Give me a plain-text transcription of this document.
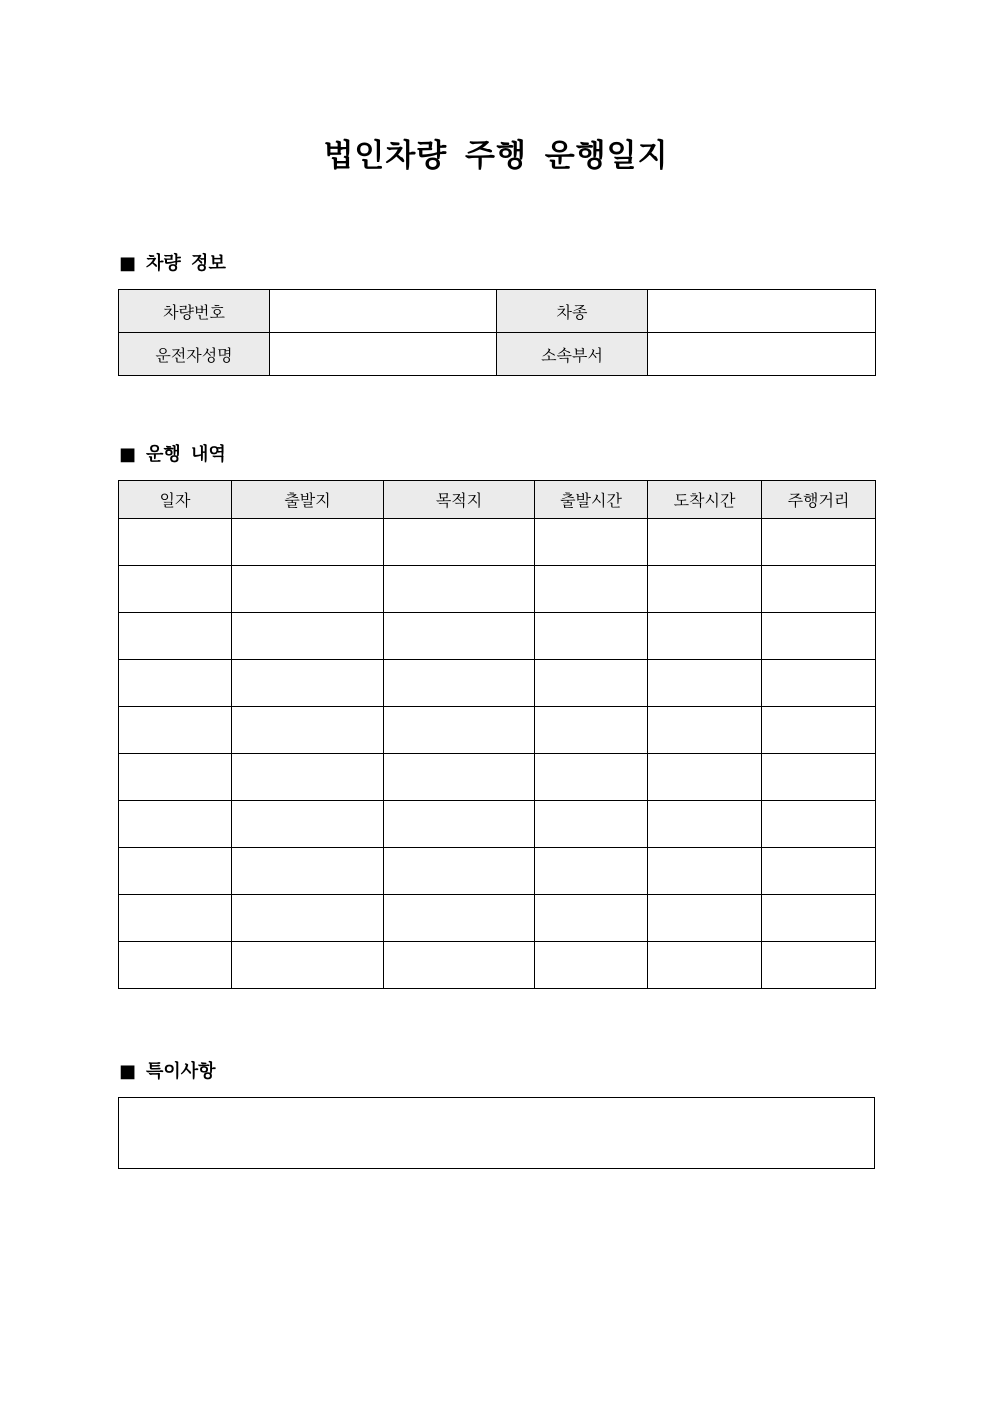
법인차량 주행 운행일지
■ 차량 정보
차량번호		차종	
운전자성명		소속부서	
■ 운행 내역
일자	출발지	목적지	출발시간	도착시간	주행거리

■ 특이사항
